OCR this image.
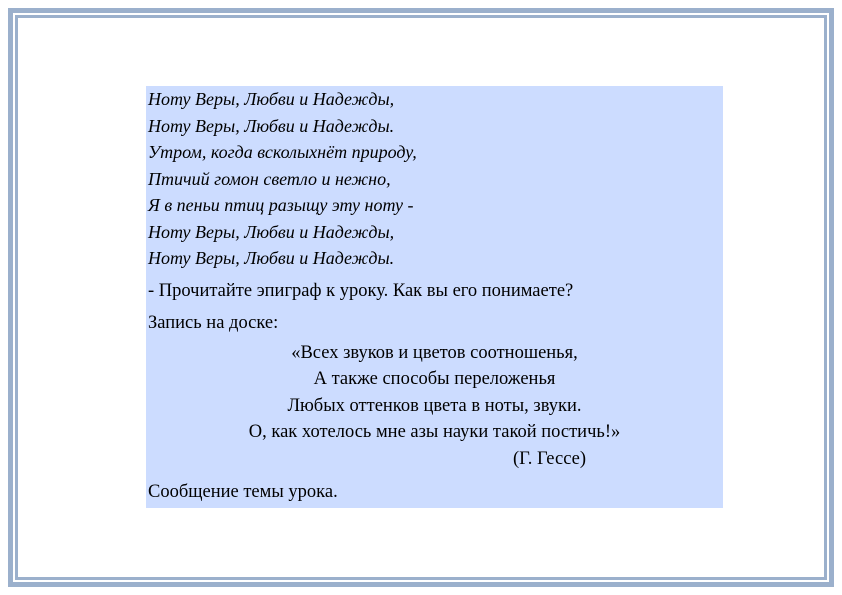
Ноту Веры, Любви и Надежды,
Ноту Веры, Любви и Надежды.
Утром, когда всколыхнёт природу,
Птичий гомон светло и нежно,
Я в пеньи птиц разыщу эту ноту -
Ноту Веры, Любви и Надежды,
Ноту Веры, Любви и Надежды.
- Прочитайте эпиграф к уроку. Как вы его понимаете?
Запись на доске:
«Всех звуков и цветов соотношенья,
А также способы переложенья
Любых оттенков цвета в ноты, звуки.
О, как хотелось мне азы науки такой постичь!»
(Г. Гессе)
Сообщение темы урока.
